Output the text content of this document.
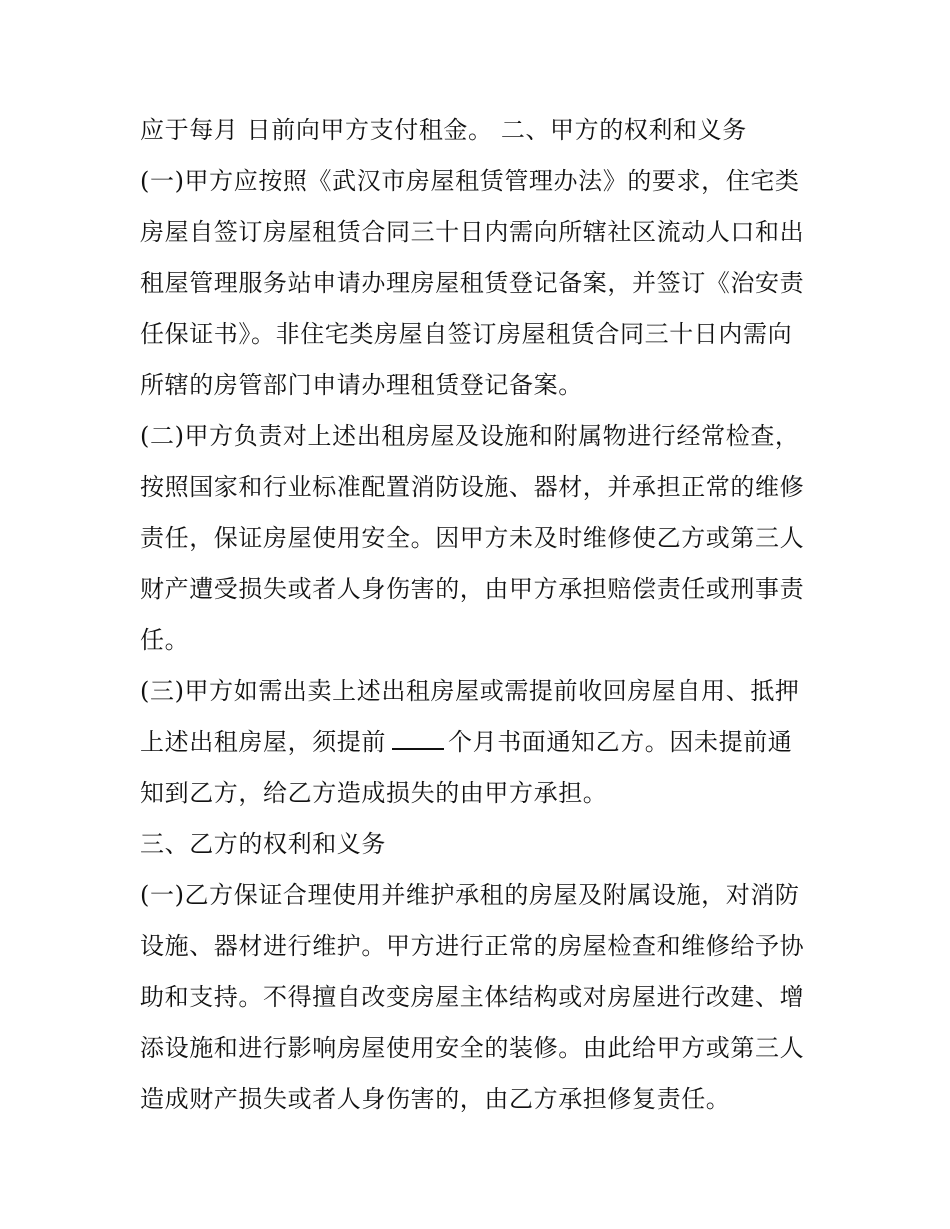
应于每月 日前向甲方支付租金。 二、甲方的权利和义务
(一)甲方应按照《武汉市房屋租赁管理办法》的要求，住宅类
房屋自签订房屋租赁合同三十日内需向所辖社区流动人口和出
租屋管理服务站申请办理房屋租赁登记备案，并签订《治安责
任保证书》。非住宅类房屋自签订房屋租赁合同三十日内需向
所辖的房管部门申请办理租赁登记备案。
(二)甲方负责对上述出租房屋及设施和附属物进行经常检查，
按照国家和行业标准配置消防设施、器材，并承担正常的维修
责任，保证房屋使用安全。因甲方未及时维修使乙方或第三人
财产遭受损失或者人身伤害的，由甲方承担赔偿责任或刑事责
任。
(三)甲方如需出卖上述出租房屋或需提前收回房屋自用、抵押
上述出租房屋，须提前	个月书面通知乙方。因未提前通
知到乙方，给乙方造成损失的由甲方承担。
三、乙方的权利和义务
(一)乙方保证合理使用并维护承租的房屋及附属设施，对消防
设施、器材进行维护。甲方进行正常的房屋检查和维修给予协
助和支持。不得擅自改变房屋主体结构或对房屋进行改建、增
添设施和进行影响房屋使用安全的装修。由此给甲方或第三人
造成财产损失或者人身伤害的，由乙方承担修复责任。
